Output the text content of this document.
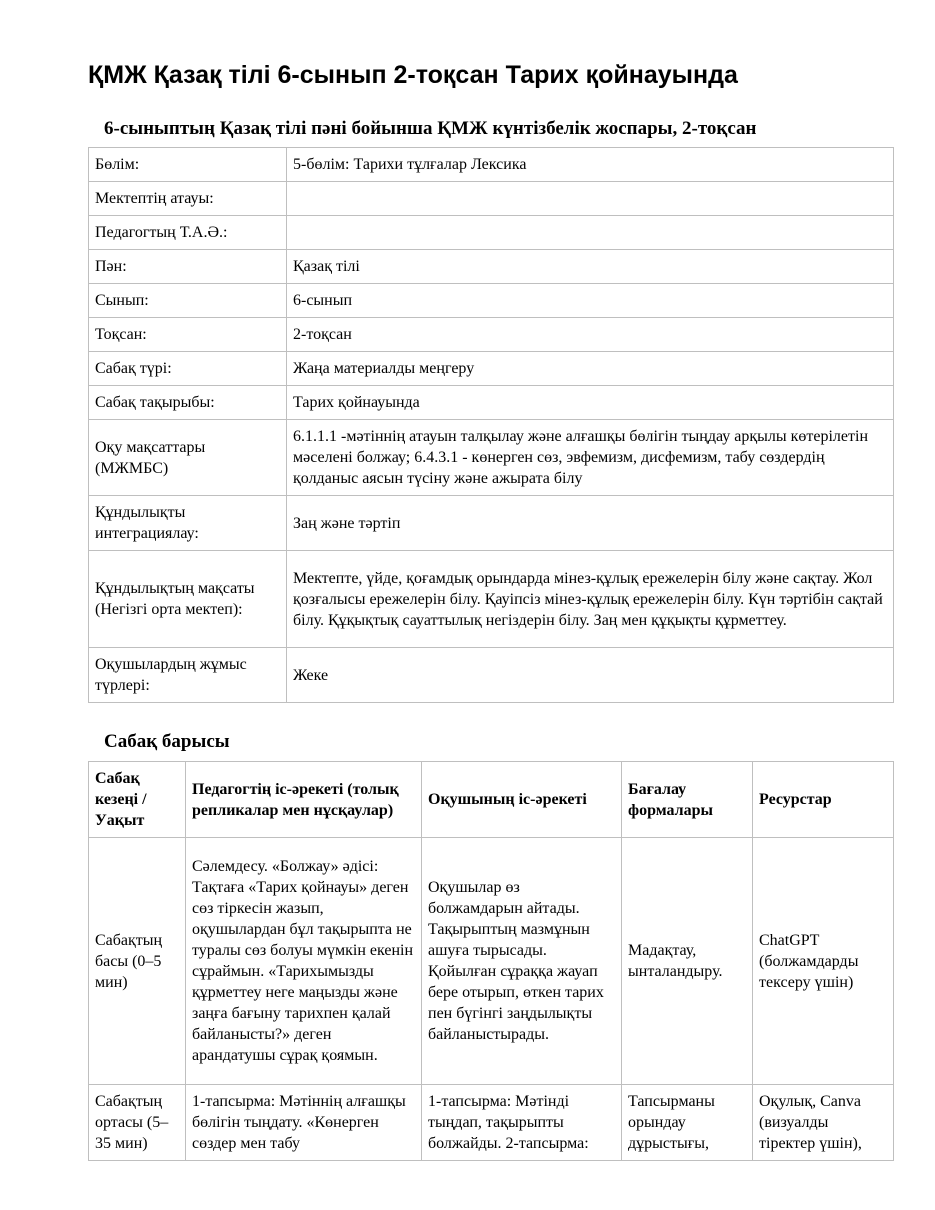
ҚМЖ Қазақ тілі 6-сынып 2-тоқсан Тарих қойнауында
6-сыныптың Қазақ тілі пәні бойынша ҚМЖ күнтізбелік жоспары, 2-тоқсан
Бөлім:	5-бөлім: Тарихи тұлғалар Лексика
Мектептің атауы:	
Педагогтың Т.А.Ә.:	
Пән:	Қазақ тілі
Сынып:	6-сынып
Тоқсан:	2-тоқсан
Сабақ түрі:	Жаңа материалды меңгеру
Сабақ тақырыбы:	Тарих қойнауында
Оқу мақсаттары (МЖМБС)	6.1.1.1 -мәтіннің атауын талқылау және алғашқы бөлігін тыңдау арқылы көтерілетін мәселені болжау; 6.4.3.1 - көнерген сөз, эвфемизм, дисфемизм, табу сөздердің қолданыс аясын түсіну және ажырата білу
Құндылықты интеграциялау:	Заң және тәртіп
Құндылықтың мақсаты (Негізгі орта мектеп):	Мектепте, үйде, қоғамдық орындарда мінез-құлық ережелерін білу және сақтау. Жол қозғалысы ережелерін білу. Қауіпсіз мінез-құлық ережелерін білу. Күн тәртібін сақтай білу. Құқықтық сауаттылық негіздерін білу. Заң мен құқықты құрметтеу.
Оқушылардың жұмыс түрлері:	Жеке
Сабақ барысы
Сабақ кезеңі / Уақыт	Педагогтің іс-әрекеті (толық репликалар мен нұсқаулар)	Оқушының іс-әрекеті	Бағалау формалары	Ресурстар
Сабақтың басы (0–5 мин)	Сәлемдесу. «Болжау» әдісі: Тақтаға «Тарих қойнауы» деген сөз тіркесін жазып, оқушылардан бұл тақырыпта не туралы сөз болуы мүмкін екенін сұраймын. «Тарихымызды құрметтеу неге маңызды және заңға бағыну тарихпен қалай байланысты?» деген арандатушы сұрақ қоямын.	Оқушылар өз болжамдарын айтады. Тақырыптың мазмұнын ашуға тырысады. Қойылған сұраққа жауап бере отырып, өткен тарих пен бүгінгі заңдылықты байланыстырады.	Мадақтау, ынталандыру.	ChatGPT (болжамдарды тексеру үшін)
Сабақтың ортасы (5–35 мин)	1-тапсырма: Мәтіннің алғашқы бөлігін тыңдату. «Көнерген сөздер мен табу	1-тапсырма: Мәтінді тыңдап, тақырыпты болжайды. 2-тапсырма:	Тапсырманы орындау дұрыстығы,	Оқулық, Canva (визуалды тіректер үшін),
